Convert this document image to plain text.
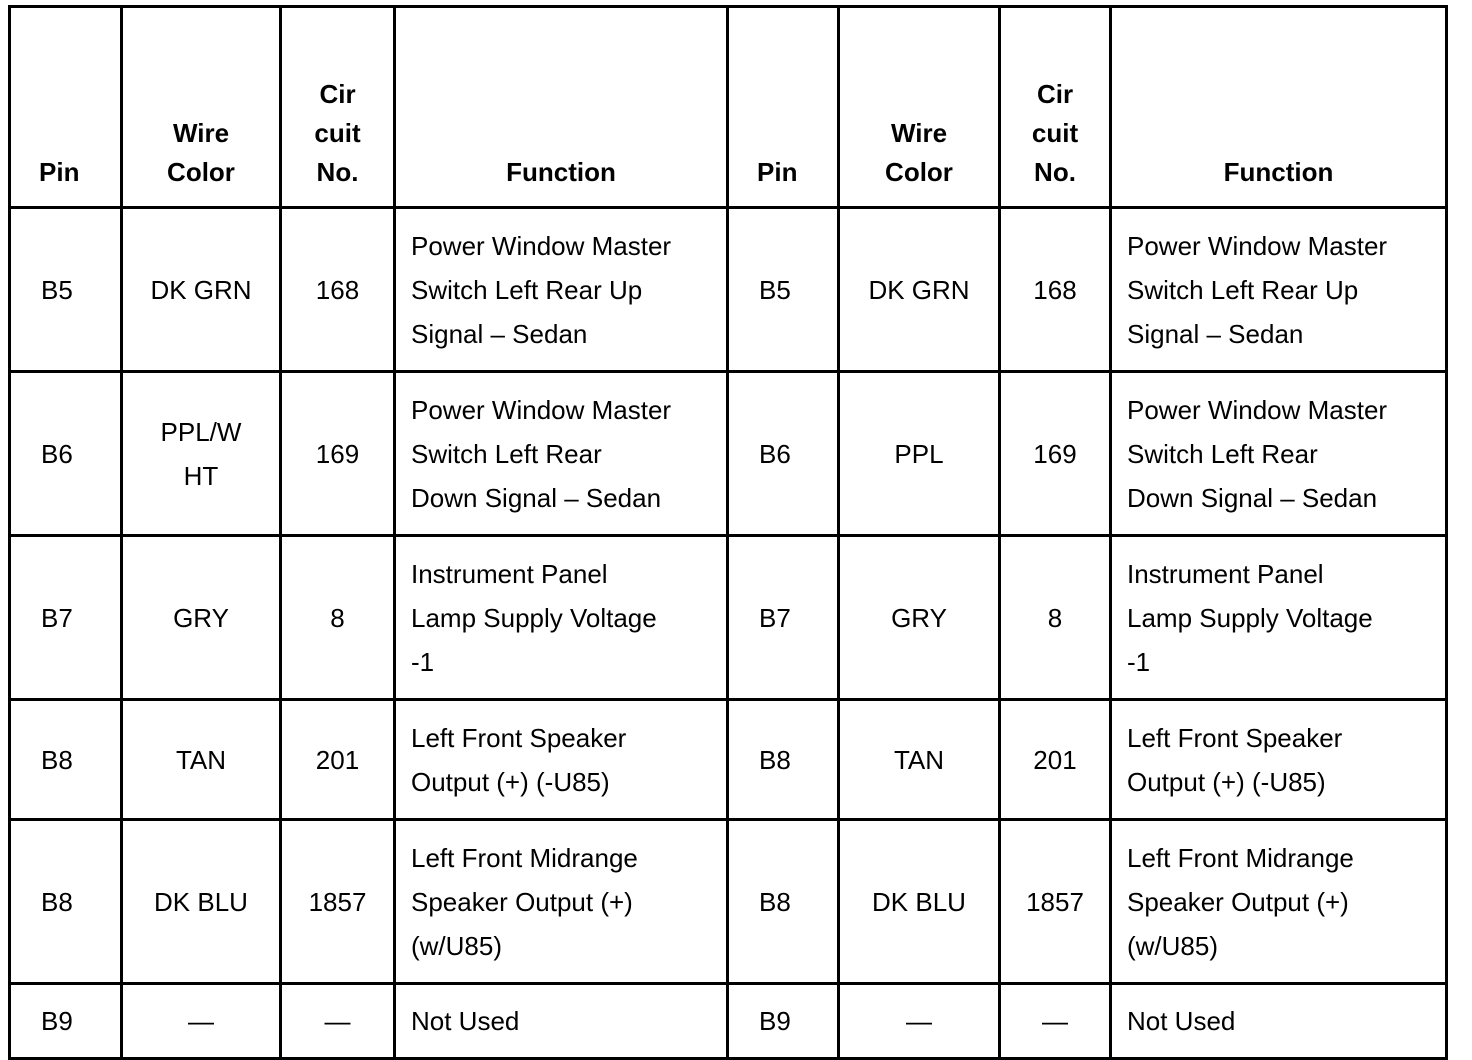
Pin	Wire
Color	Cir
cuit
No.	Function	Pin	Wire
Color	Cir
cuit
No.	Function
B5	DK GRN	168	Power Window Master
Switch Left Rear Up
Signal – Sedan	B5	DK GRN	168	Power Window Master
Switch Left Rear Up
Signal – Sedan

B6	PPL/W
HT	169	Power Window Master
Switch Left Rear
Down Signal – Sedan	B6	PPL	169	Power Window Master
Switch Left Rear
Down Signal – Sedan

B7	GRY	8	Instrument Panel
Lamp Supply Voltage
-1	B7	GRY	8	Instrument Panel
Lamp Supply Voltage
-1

B8	TAN	201	Left Front Speaker
Output (+) (-U85)	B8	TAN	201	Left Front Speaker
Output (+) (-U85)

B8	DK BLU	1857	Left Front Midrange
Speaker Output (+)
(w/U85)	B8	DK BLU	1857	Left Front Midrange
Speaker Output (+)
(w/U85)

B9	—	—	Not Used	B9	—	—	Not Used
